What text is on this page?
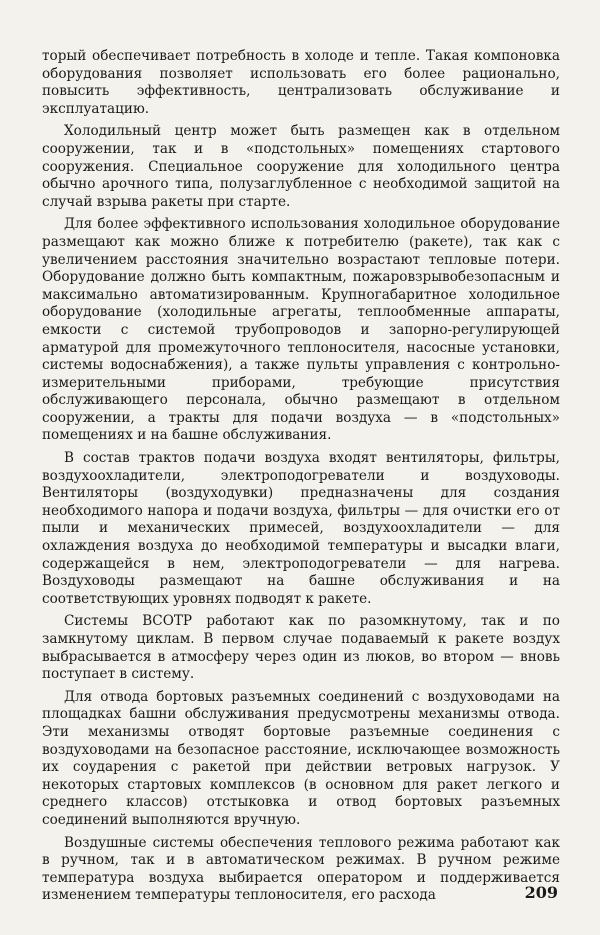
торый обеспечивает потребность в холоде и тепле. Такая компоновка оборудования позволяет использовать его более рационально, повысить эффективность, централизовать обслуживание и эксплуатацию.

Холодильный центр может быть размещен как в отдельном сооружении, так и в «подстольных» помещениях стартового сооружения. Специальное сооружение для холодильного центра обычно арочного типа, полузаглубленное с необходимой защитой на случай взрыва ракеты при старте.

Для более эффективного использования холодильное оборудование размещают как можно ближе к потребителю (ракете), так как с увеличением расстояния значительно возрастают тепловые потери. Оборудование должно быть компактным, пожаровзрывобезопасным и максимально автоматизированным. Крупногабаритное холодильное оборудование (холодильные агрегаты, теплообменные аппараты, емкости с системой трубопроводов и запорно-регулирующей арматурой для промежуточного теплоносителя, насосные установки, системы водоснабжения), а также пульты управления с контрольно-измерительными приборами, требующие присутствия обслуживающего персонала, обычно размещают в отдельном сооружении, а тракты для подачи воздуха — в «подстольных» помещениях и на башне обслуживания.

В состав трактов подачи воздуха входят вентиляторы, фильтры, воздухоохладители, электроподогреватели и воздуховоды. Вентиляторы (воздуходувки) предназначены для создания необходимого напора и подачи воздуха, фильтры — для очистки его от пыли и механических примесей, воздухоохладители — для охлаждения воздуха до необходимой температуры и высадки влаги, содержащейся в нем, электроподогреватели — для нагрева. Воздуховоды размещают на башне обслуживания и на соответствующих уровнях подводят к ракете.

Системы ВСОТР работают как по разомкнутому, так и по замкнутому циклам. В первом случае подаваемый к ракете воздух выбрасывается в атмосферу через один из люков, во втором — вновь поступает в систему.

Для отвода бортовых разъемных соединений с воздуховодами на площадках башни обслуживания предусмотрены механизмы отвода. Эти механизмы отводят бортовые разъемные соединения с воздуховодами на безопасное расстояние, исключающее возможность их соударения с ракетой при действии ветровых нагрузок. У некоторых стартовых комплексов (в основном для ракет легкого и среднего классов) отстыковка и отвод бортовых разъемных соединений выполняются вручную.

Воздушные системы обеспечения теплового режима работают как в ручном, так и в автоматическом режимах. В ручном режиме температура воздуха выбирается оператором и поддерживается изменением температуры теплоносителя, его расхода	209
